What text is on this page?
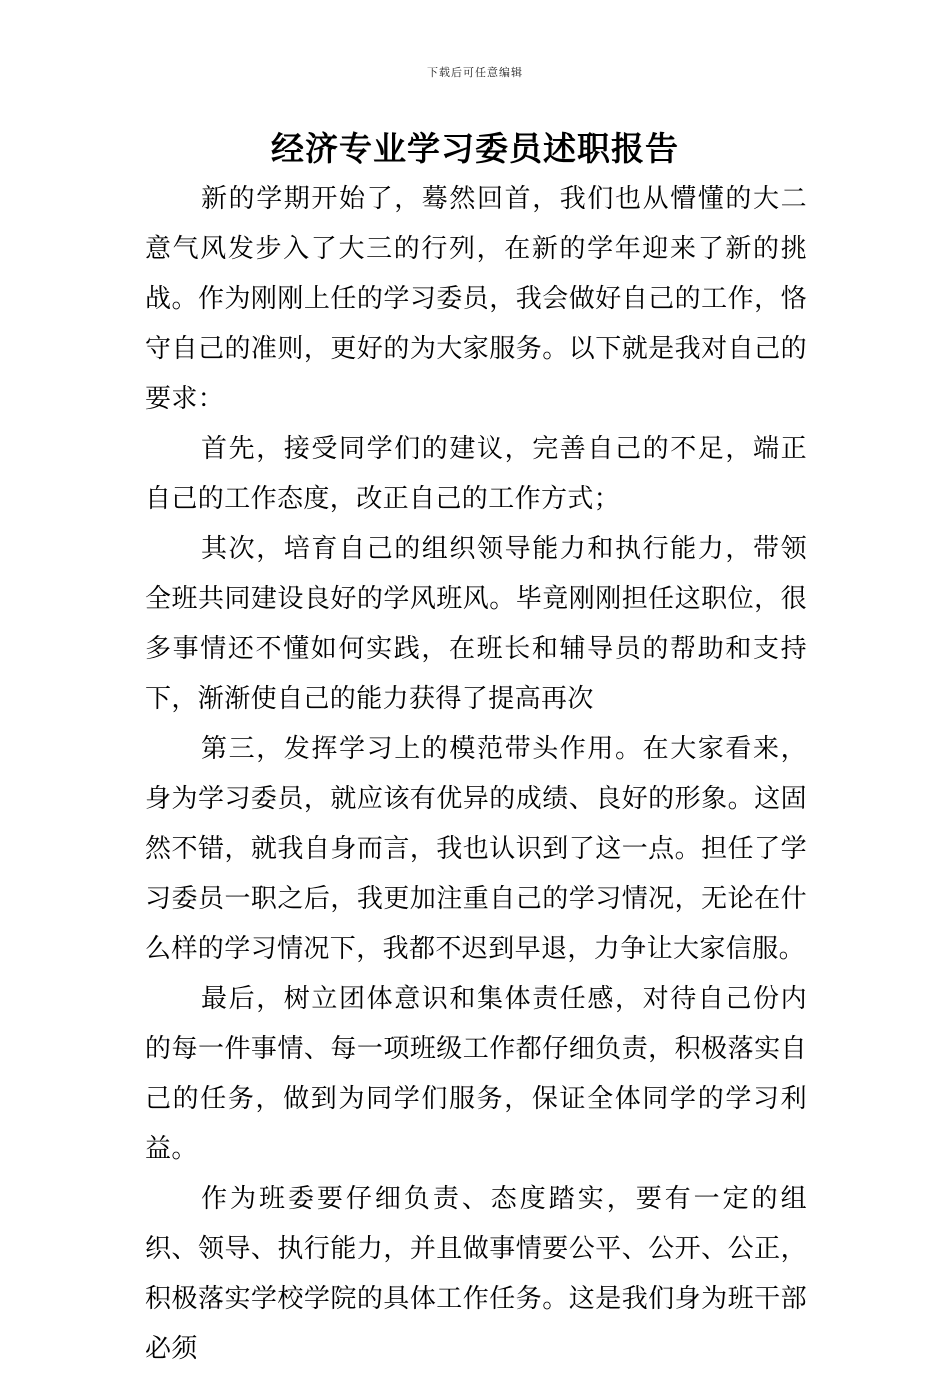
下载后可任意编辑
经济专业学习委员述职报告

新的学期开始了，蓦然回首，我们也从懵懂的大二意气风发步入了大三的行列，在新的学年迎来了新的挑战。作为刚刚上任的学习委员，我会做好自己的工作，恪守自己的准则，更好的为大家服务。以下就是我对自己的要求：

首先，接受同学们的建议，完善自己的不足，端正自己的工作态度，改正自己的工作方式；

其次，培育自己的组织领导能力和执行能力，带领全班共同建设良好的学风班风。毕竟刚刚担任这职位，很多事情还不懂如何实践，在班长和辅导员的帮助和支持下，渐渐使自己的能力获得了提高再次

第三，发挥学习上的模范带头作用。在大家看来，身为学习委员，就应该有优异的成绩、良好的形象。这固然不错，就我自身而言，我也认识到了这一点。担任了学习委员一职之后，我更加注重自己的学习情况，无论在什么样的学习情况下，我都不迟到早退，力争让大家信服。

最后，树立团体意识和集体责任感，对待自己份内的每一件事情、每一项班级工作都仔细负责，积极落实自己的任务，做到为同学们服务，保证全体同学的学习利益。

作为班委要仔细负责、态度踏实，要有一定的组织、领导、执行能力，并且做事情要公平、公开、公正，积极落实学校学院的具体工作任务。这是我们身为班干部必须
